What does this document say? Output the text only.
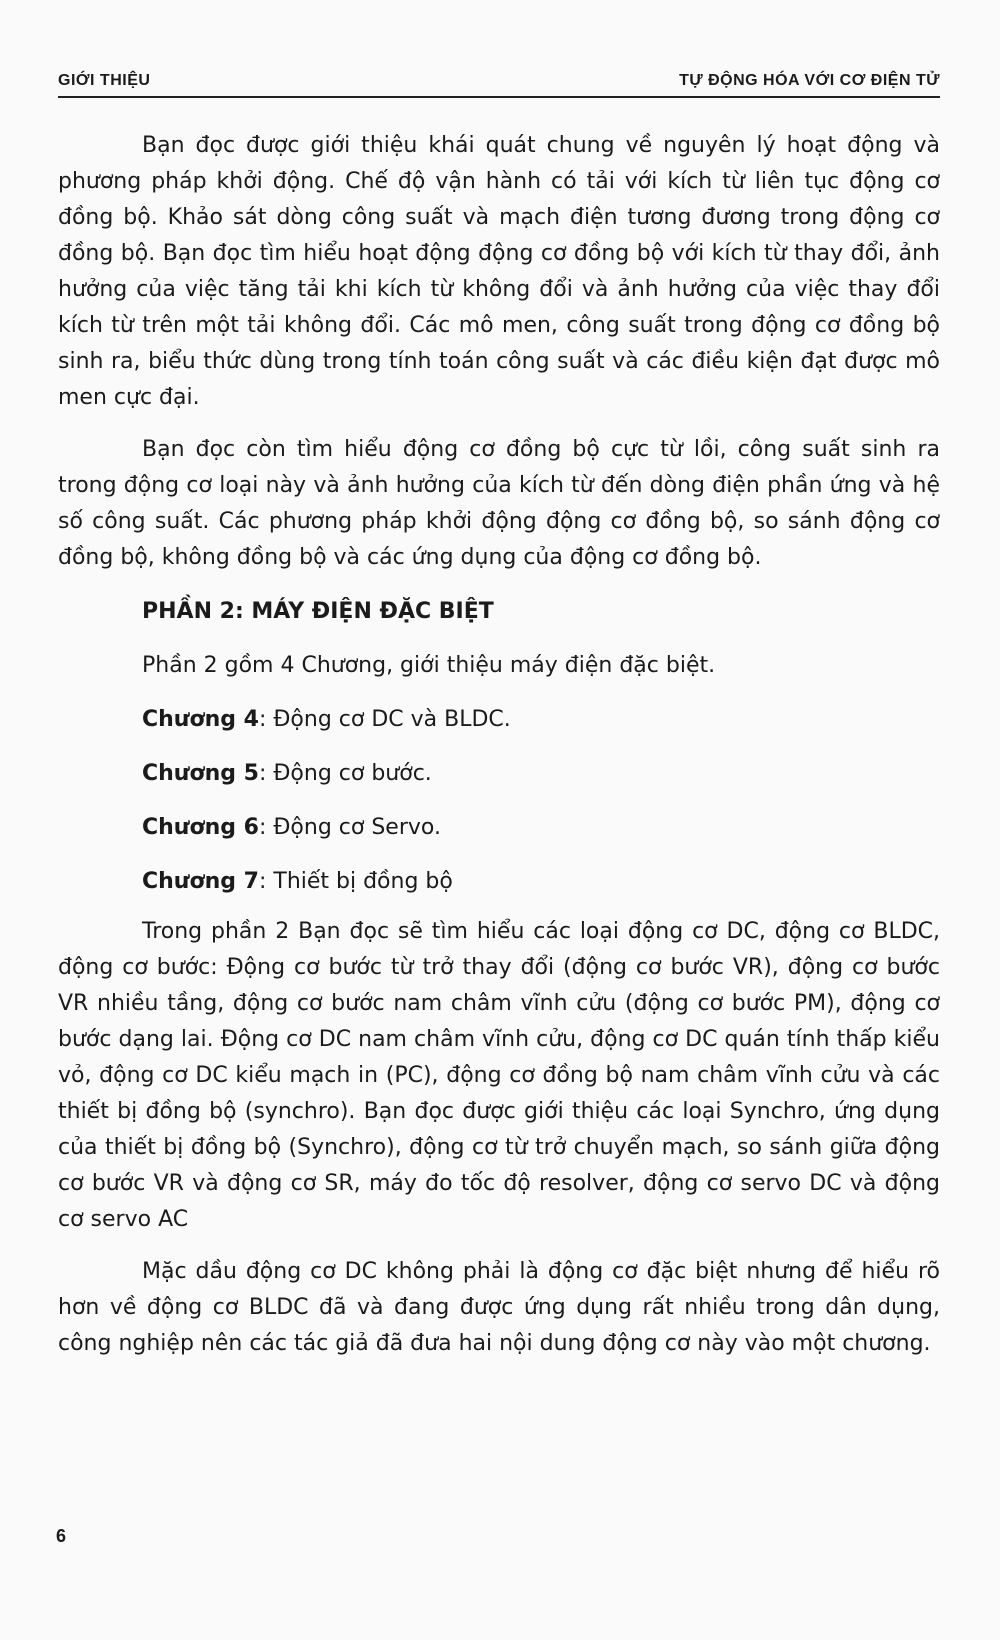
GIỚI THIỆU	TỰ ĐỘNG HÓA VỚI CƠ ĐIỆN TỬ

Bạn đọc được giới thiệu khái quát chung về nguyên lý hoạt động và phương pháp khởi động. Chế độ vận hành có tải với kích từ liên tục động cơ đồng bộ. Khảo sát dòng công suất và mạch điện tương đương trong động cơ đồng bộ. Bạn đọc tìm hiểu hoạt động động cơ đồng bộ với kích từ thay đổi, ảnh hưởng của việc tăng tải khi kích từ không đổi và ảnh hưởng của việc thay đổi kích từ trên một tải không đổi. Các mô men, công suất trong động cơ đồng bộ sinh ra, biểu thức dùng trong tính toán công suất và các điều kiện đạt được mô men cực đại.

Bạn đọc còn tìm hiểu động cơ đồng bộ cực từ lồi, công suất sinh ra trong động cơ loại này và ảnh hưởng của kích từ đến dòng điện phần ứng và hệ số công suất. Các phương pháp khởi động động cơ đồng bộ, so sánh động cơ đồng bộ, không đồng bộ và các ứng dụng của động cơ đồng bộ.

PHẦN 2: MÁY ĐIỆN ĐẶC BIỆT

Phần 2 gồm 4 Chương, giới thiệu máy điện đặc biệt.

Chương 4: Động cơ DC và BLDC.

Chương 5: Động cơ bước.

Chương 6: Động cơ Servo.

Chương 7: Thiết bị đồng bộ

Trong phần 2 Bạn đọc sẽ tìm hiểu các loại động cơ DC, động cơ BLDC, động cơ bước: Động cơ bước từ trở thay đổi (động cơ bước VR), động cơ bước VR nhiều tầng, động cơ bước nam châm vĩnh cửu (động cơ bước PM), động cơ bước dạng lai. Động cơ DC nam châm vĩnh cửu, động cơ DC quán tính thấp kiểu vỏ, động cơ DC kiểu mạch in (PC), động cơ đồng bộ nam châm vĩnh cửu và các thiết bị đồng bộ (synchro). Bạn đọc được giới thiệu các loại Synchro, ứng dụng của thiết bị đồng bộ (Synchro), động cơ từ trở chuyển mạch, so sánh giữa động cơ bước VR và động cơ SR, máy đo tốc độ resolver, động cơ servo DC và động cơ servo AC

Mặc dầu động cơ DC không phải là động cơ đặc biệt nhưng để hiểu rõ hơn về động cơ BLDC đã và đang được ứng dụng rất nhiều trong dân dụng, công nghiệp nên các tác giả đã đưa hai nội dung động cơ này vào một chương.

6
